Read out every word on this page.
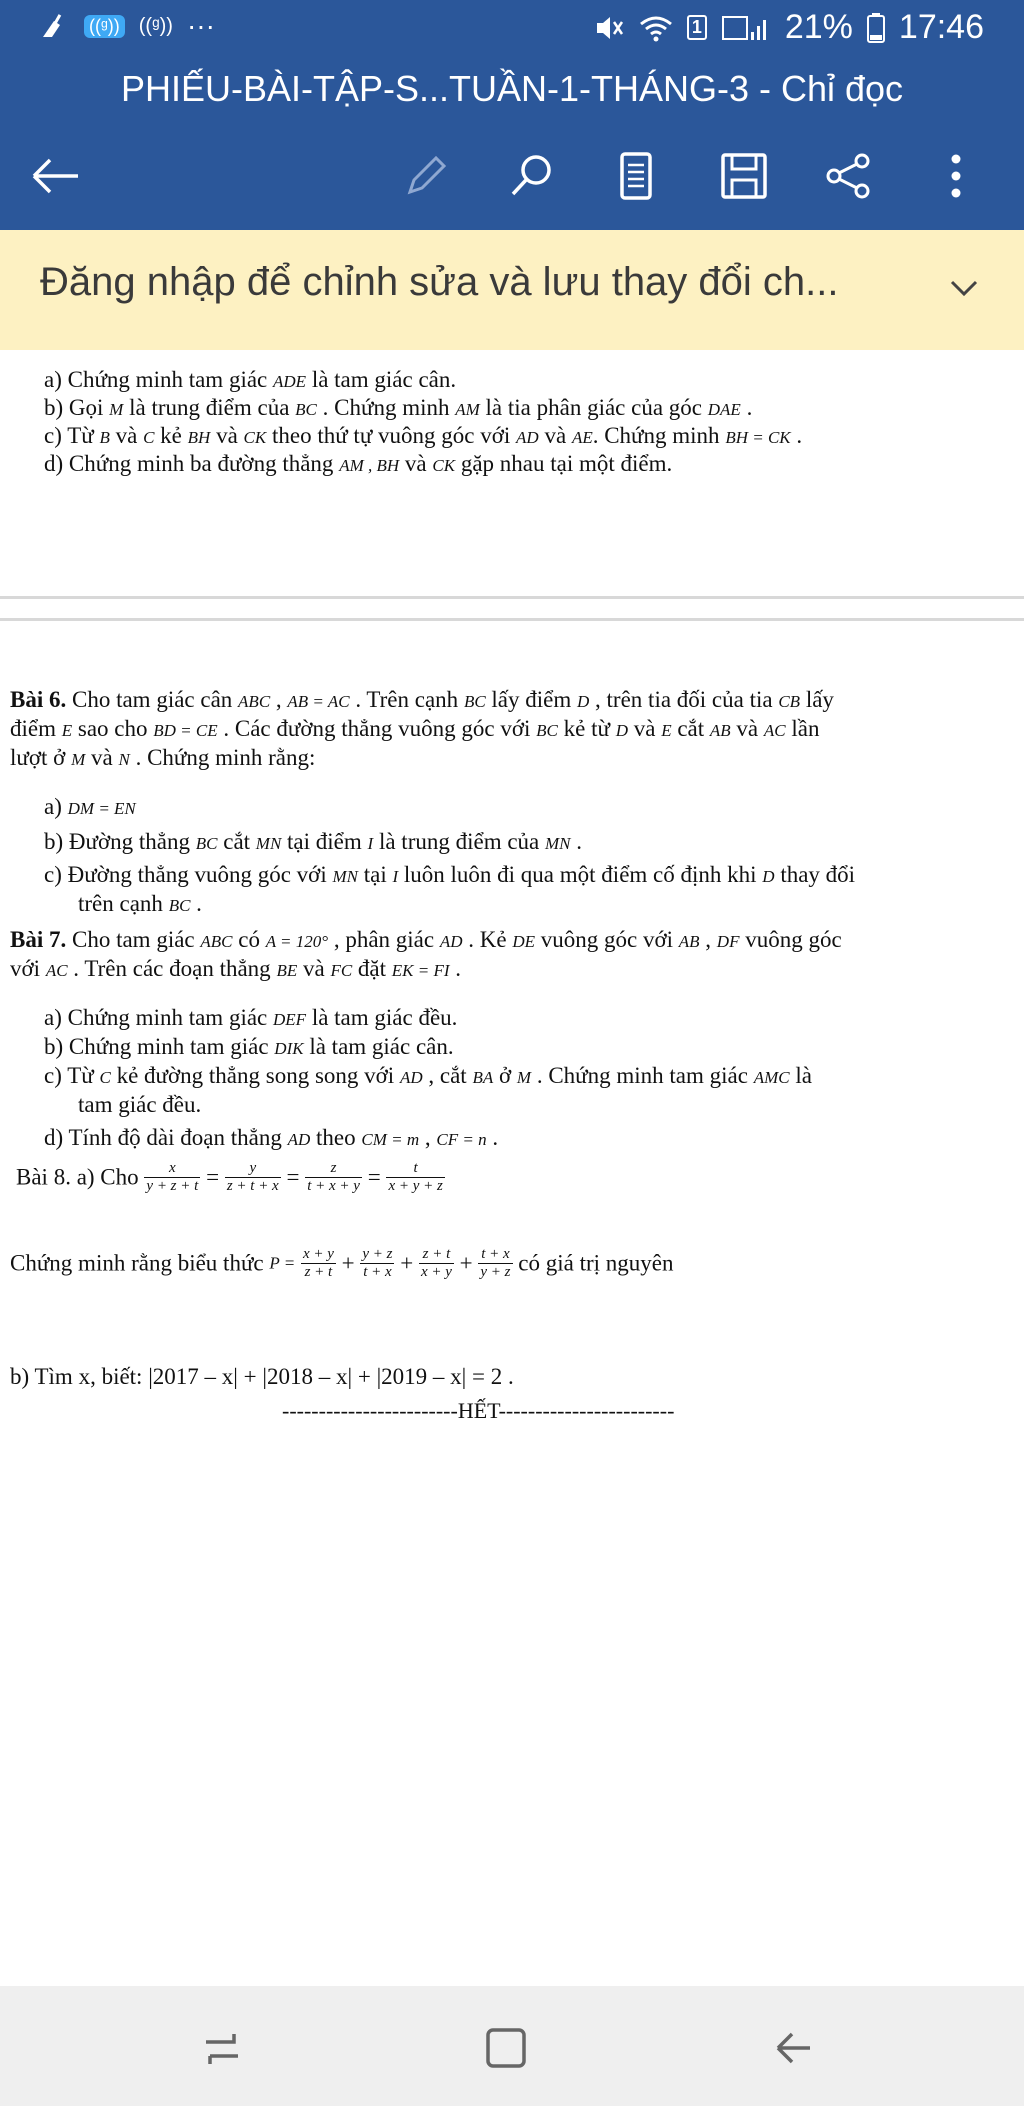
((ᵍ)) ((ᵍ)) ···	1 21% 17:46
PHIẾU-BÀI-TẬP-S...TUẦN-1-THÁNG-3 - Chỉ đọc
Đăng nhập để chỉnh sửa và lưu thay đổi ch...
a) Chứng minh tam giác ADE là tam giác cân.
b) Gọi M là trung điểm của BC . Chứng minh AM là tia phân giác của góc DAE .
c) Từ B và C kẻ BH và CK theo thứ tự vuông góc với AD và AE. Chứng minh BH = CK .
d) Chứng minh ba đường thẳng AM , BH và CK gặp nhau tại một điểm.
Bài 6. Cho tam giác cân ABC , AB = AC . Trên cạnh BC lấy điểm D , trên tia đối của tia CB lấy
điểm E sao cho BD = CE . Các đường thẳng vuông góc với BC kẻ từ D và E cắt AB và AC lần
lượt ở M và N . Chứng minh rằng:
a) DM = EN
b) Đường thẳng BC cắt MN tại điểm I là trung điểm của MN .
c) Đường thẳng vuông góc với MN tại I luôn luôn đi qua một điểm cố định khi D thay đổi
trên cạnh BC .
Bài 7. Cho tam giác ABC có A = 120° , phân giác AD . Kẻ DE vuông góc với AB , DF vuông góc
với AC . Trên các đoạn thẳng BE và FC đặt EK = FI .
a) Chứng minh tam giác DEF là tam giác đều.
b) Chứng minh tam giác DIK là tam giác cân.
c) Từ C kẻ đường thẳng song song với AD , cắt BA ở M . Chứng minh tam giác AMC là
tam giác đều.
d) Tính độ dài đoạn thẳng AD theo CM = m , CF = n .
Bài 8. a) Cho $\frac{x}{y + z + t} = \frac{y}{z + t + x} = \frac{z}{t + x + y} = \frac{t}{x + y + z}$
Chứng minh rằng biểu thức $P = \frac{x + y}{z + t} + \frac{y + z}{t + x} + \frac{z + t}{x + y} + \frac{t + x}{y + z}$ có giá trị nguyên
b) Tìm x, biết: |2017 – x| + |2018 – x| + |2019 – x| = 2 .
------------------------HẾT------------------------
